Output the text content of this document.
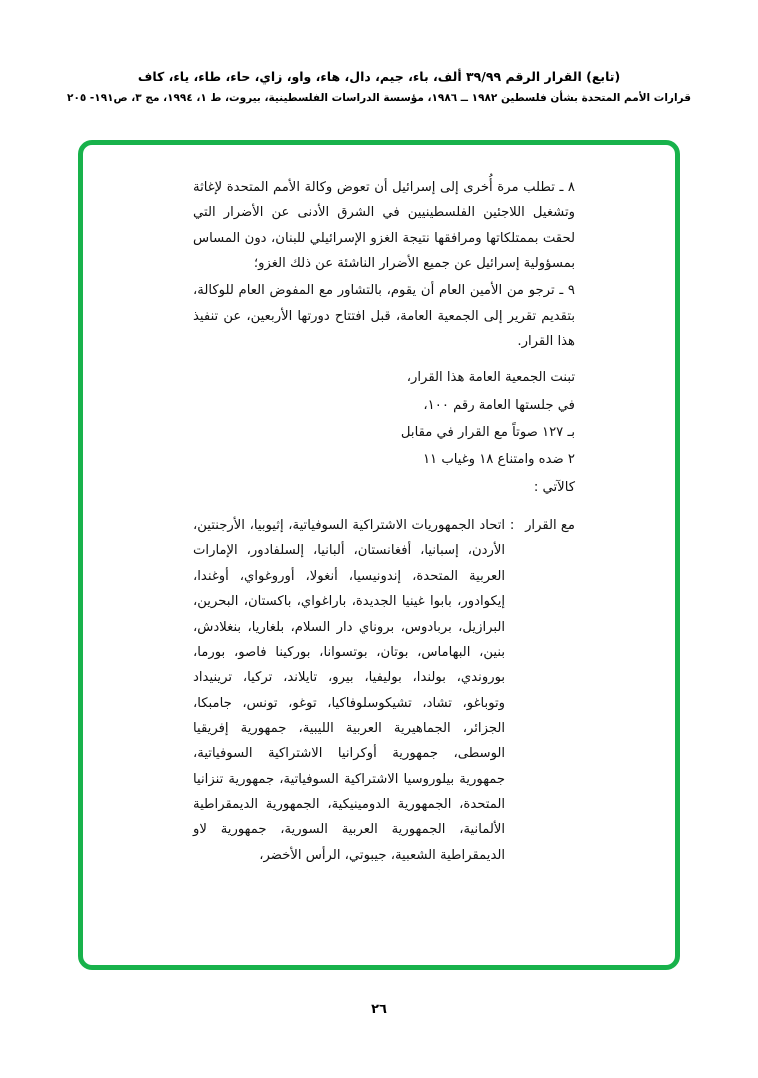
(تابع) القرار الرقم ٣٩/٩٩ ألف، باء، جيم، دال، هاء، واو، زاي، حاء، طاء، ياء، كاف
قرارات الأمم المتحدة بشأن فلسطين ١٩٨٢ ــ ١٩٨٦، مؤسسة الدراسات الفلسطينية، بيروت، ط ١، ١٩٩٤، مج ٣، ص١٩١- ٢٠٥

٨ ـ تطلب مرة أُخرى إلى إسرائيل أن تعوض وكالة الأمم المتحدة لإغاثة وتشغيل اللاجئين الفلسطينيين في الشرق الأدنى عن الأضرار التي لحقت بممتلكاتها ومرافقها نتيجة الغزو الإسرائيلي للبنان، دون المساس بمسؤولية إسرائيل عن جميع الأضرار الناشئة عن ذلك الغزو؛

٩ ـ ترجو من الأمين العام أن يقوم، بالتشاور مع المفوض العام للوكالة، بتقديم تقرير إلى الجمعية العامة، قبل افتتاح دورتها الأربعين، عن تنفيذ هذا القرار.

تبنت الجمعية العامة هذا القرار،

في جلستها العامة رقم ١٠٠،

بـ ١٢٧ صوتاً مع القرار في مقابل

٢ ضده وامتناع ١٨ وغياب ١١

كالآتي :

مع القرار
:
اتحاد الجمهوريات الاشتراكية السوفياتية، إثيوبيا، الأرجنتين، الأردن، إسبانيا، أفغانستان، ألبانيا، إلسلفادور، الإمارات العربية المتحدة، إندونيسيا، أنغولا، أوروغواي، أوغندا، إيكوادور، بابوا غينيا الجديدة، باراغواي، باكستان، البحرين، البرازيل، بربادوس، بروناي دار السلام، بلغاريا، بنغلادش، بنين، البهاماس، بوتان، بوتسوانا، بوركينا فاصو، بورما، بوروندي، بولندا، بوليفيا، بيرو، تايلاند، تركيا، ترينيداد وتوباغو، تشاد، تشيكوسلوفاكيا، توغو، تونس، جامبكا، الجزائر، الجماهيرية العربية الليبية، جمهورية إفريقيا الوسطى، جمهورية أوكرانيا الاشتراكية السوفياتية، جمهورية بيلوروسيا الاشتراكية السوفياتية، جمهورية تنزانيا المتحدة، الجمهورية الدومينيكية، الجمهورية الديمقراطية الألمانية، الجمهورية العربية السورية، جمهورية لاو الديمقراطية الشعبية، جيبوتي، الرأس الأخضر،
٢٦
